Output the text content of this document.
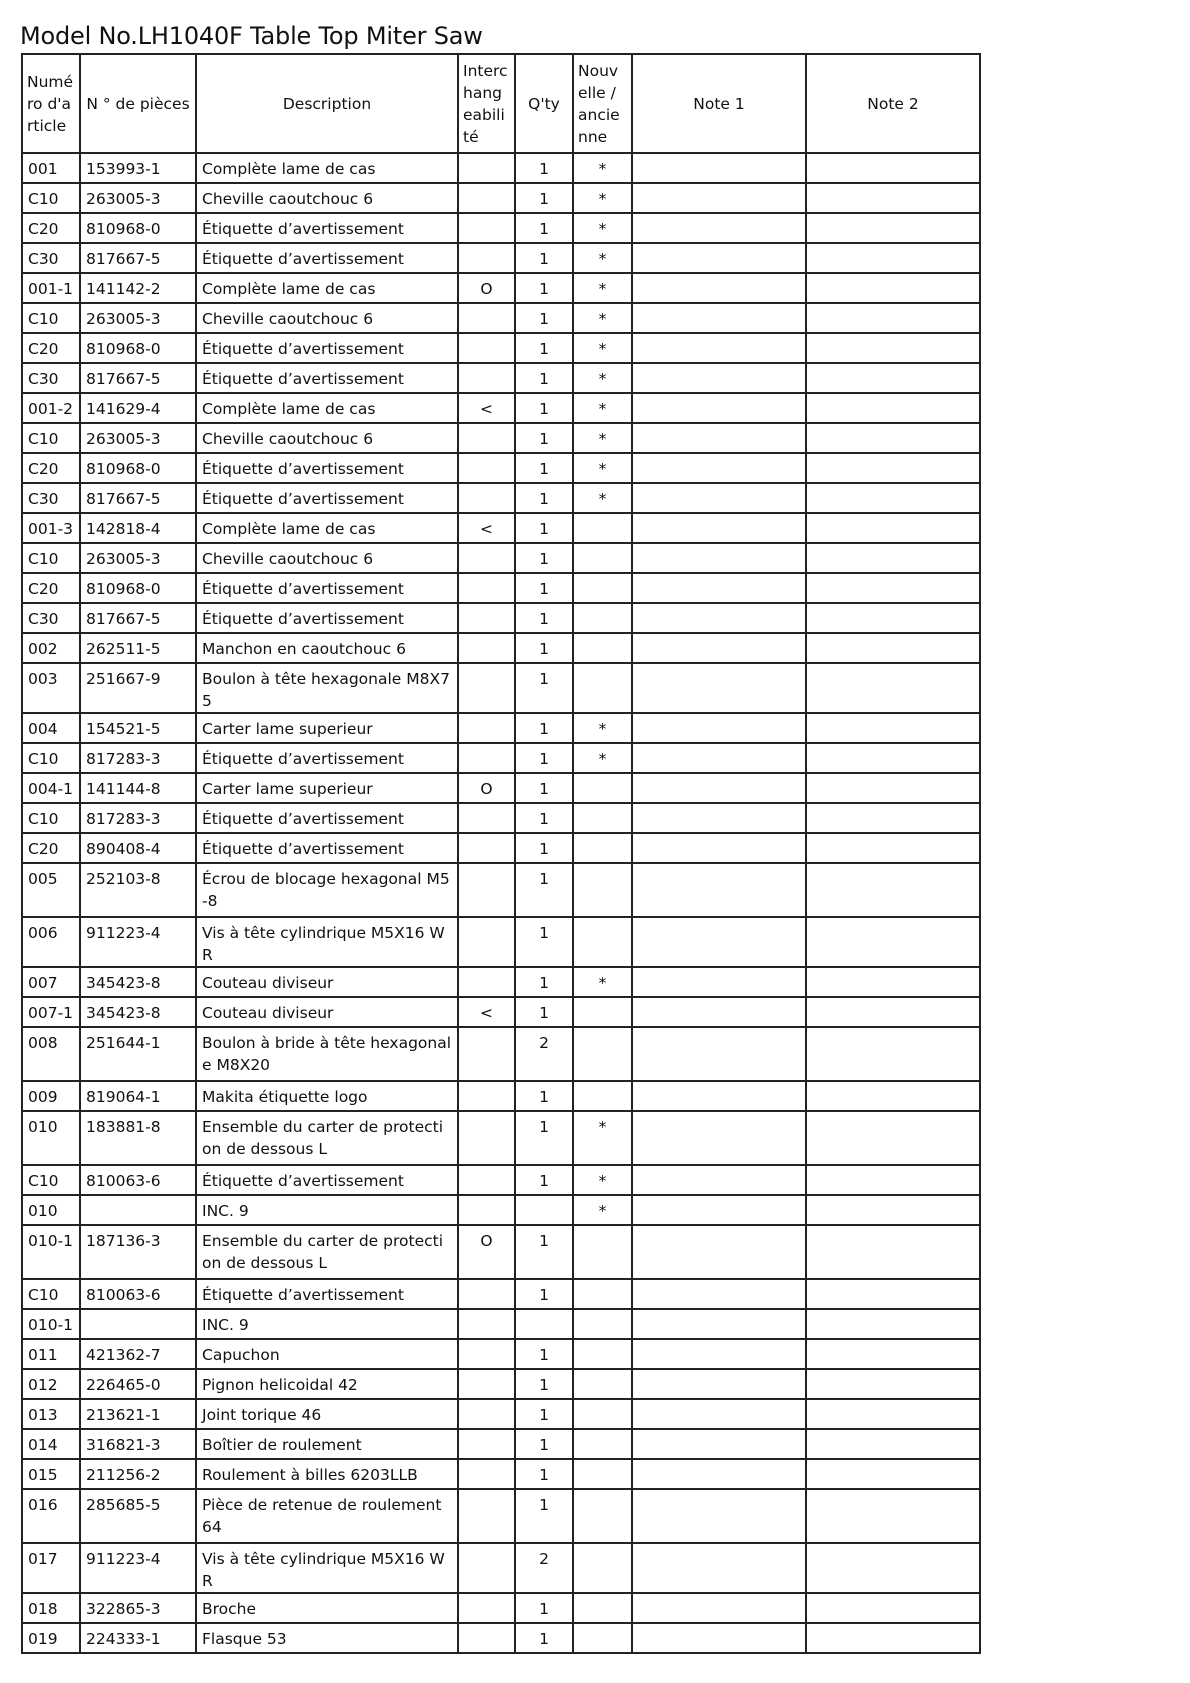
Model No.LH1040F Table Top Miter Saw
Numéro d'article	N ° de pièces	Description	Interchangeabilité	Q'ty	Nouvelle / ancienne	Note 1	Note 2
001	153993-1	Complète lame de cas		1	*		
C10	263005-3	Cheville caoutchouc 6		1	*		
C20	810968-0	Étiquette d’avertissement		1	*		
C30	817667-5	Étiquette d’avertissement		1	*		
001-1	141142-2	Complète lame de cas	O	1	*		
C10	263005-3	Cheville caoutchouc 6		1	*		
C20	810968-0	Étiquette d’avertissement		1	*		
C30	817667-5	Étiquette d’avertissement		1	*		
001-2	141629-4	Complète lame de cas	<	1	*		
C10	263005-3	Cheville caoutchouc 6		1	*		
C20	810968-0	Étiquette d’avertissement		1	*		
C30	817667-5	Étiquette d’avertissement		1	*		
001-3	142818-4	Complète lame de cas	<	1			
C10	263005-3	Cheville caoutchouc 6		1			
C20	810968-0	Étiquette d’avertissement		1			
C30	817667-5	Étiquette d’avertissement		1			
002	262511-5	Manchon en caoutchouc 6		1			
003	251667-9	Boulon à tête hexagonale M8X75		1			
004	154521-5	Carter lame superieur		1	*		
C10	817283-3	Étiquette d’avertissement		1	*		
004-1	141144-8	Carter lame superieur	O	1			
C10	817283-3	Étiquette d’avertissement		1			
C20	890408-4	Étiquette d’avertissement		1			
005	252103-8	Écrou de blocage hexagonal M5-8		1			
006	911223-4	Vis à tête cylindrique M5X16 WR		1			
007	345423-8	Couteau diviseur		1	*		
007-1	345423-8	Couteau diviseur	<	1			
008	251644-1	Boulon à bride à tête hexagonale M8X20		2			
009	819064-1	Makita étiquette logo		1			
010	183881-8	Ensemble du carter de protection de dessous L		1	*		
C10	810063-6	Étiquette d’avertissement		1	*		
010		INC. 9			*		
010-1	187136-3	Ensemble du carter de protection de dessous L	O	1			
C10	810063-6	Étiquette d’avertissement		1			
010-1		INC. 9					
011	421362-7	Capuchon		1			
012	226465-0	Pignon helicoidal 42		1			
013	213621-1	Joint torique 46		1			
014	316821-3	Boîtier de roulement		1			
015	211256-2	Roulement à billes 6203LLB		1			
016	285685-5	Pièce de retenue de roulement 64		1			
017	911223-4	Vis à tête cylindrique M5X16 WR		2			
018	322865-3	Broche		1			
019	224333-1	Flasque 53		1			
